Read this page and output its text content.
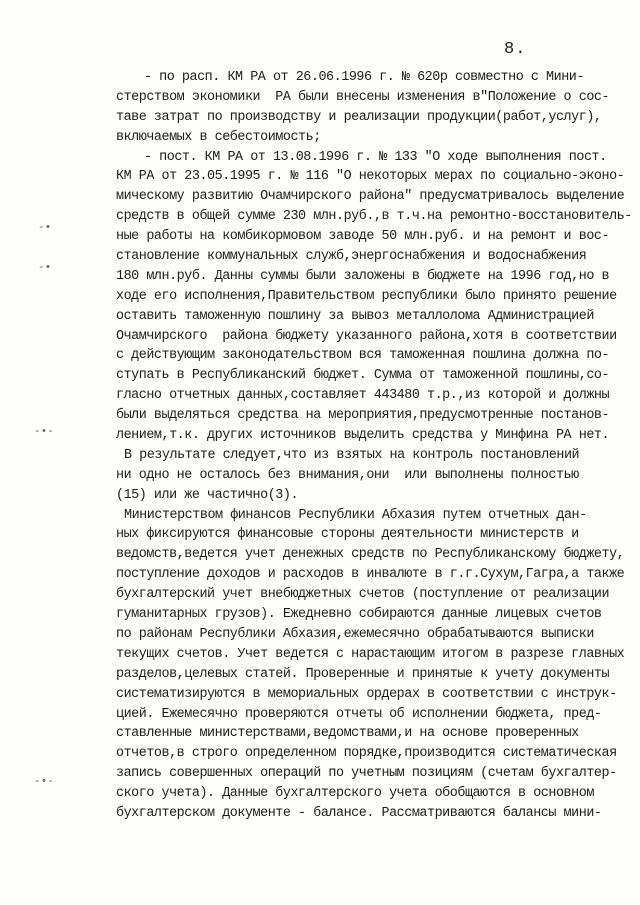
8.
-•
-•
-•-
-•-
- по расп. КМ РА от 26.06.1996 г. № 620р совместно с Мини-
стерством экономики  РА были внесены изменения в"Положение о сос-
таве затрат по производству и реализации продукции(работ,услуг),
включаемых в себестоимость;
- пост. КМ РА от 13.08.1996 г. № 133 "О ходе выполнения пост.
КМ РА от 23.05.1995 г. № 116 "О некоторых мерах по социально-эконо-
мическому развитию Очамчирского района" предусматривалось выделение
средств в общей сумме 230 млн.руб.,в т.ч.на ремонтно-восстановитель-
ные работы на комбикормовом заводе 50 млн.руб. и на ремонт и вос-
становление коммунальных служб,энергоснабжения и водоснабжения
180 млн.руб. Данны суммы были заложены в бюджете на 1996 год,но в
ходе его исполнения,Правительством республики было принято решение
оставить таможенную пошлину за вывоз металлолома Администрацией
Очамчирского  района бюджету указанного района,хотя в соответствии
с действующим законодательством вся таможенная пошлина должна по-
ступать в Республиканский бюджет. Сумма от таможенной пошлины,со-
гласно отчетных данных,составляет 443480 т.р.,из которой и должны
были выделяться средства на мероприятия,предусмотренные постанов-
лением,т.к. других источников выделить средства у Минфина РА нет.
В результате следует,что из взятых на контроль постановлений
ни одно не осталось без внимания,они  или выполнены полностью
(15) или же частично(3).
Министерством финансов Республики Абхазия путем отчетных дан-
ных фиксируются финансовые стороны деятельности министерств и
ведомств,ведется учет денежных средств по Республиканскому бюджету,
поступление доходов и расходов в инвалюте в г.г.Сухум,Гагра,а также
бухгалтерский учет внебюджетных счетов (поступление от реализации
гуманитарных грузов). Ежедневно собираются данные лицевых счетов
по районам Республики Абхазия,ежемесячно обрабатываются выписки
текущих счетов. Учет ведется с нарастающим итогом в разрезе главных
разделов,целевых статей. Проверенные и принятые к учету документы
систематизируются в мемориальных ордерах в соответствии с инструк-
цией. Ежемесячно проверяются отчеты об исполнении бюджета, пред-
ставленные министерствами,ведомствами,и на основе проверенных
отчетов,в строго определенном порядке,производится систематическая
запись совершенных операций по учетным позициям (счетам бухгалтер-
ского учета). Данные бухгалтерского учета обобщаются в основном
бухгалтерском документе - балансе. Рассматриваются балансы мини-
